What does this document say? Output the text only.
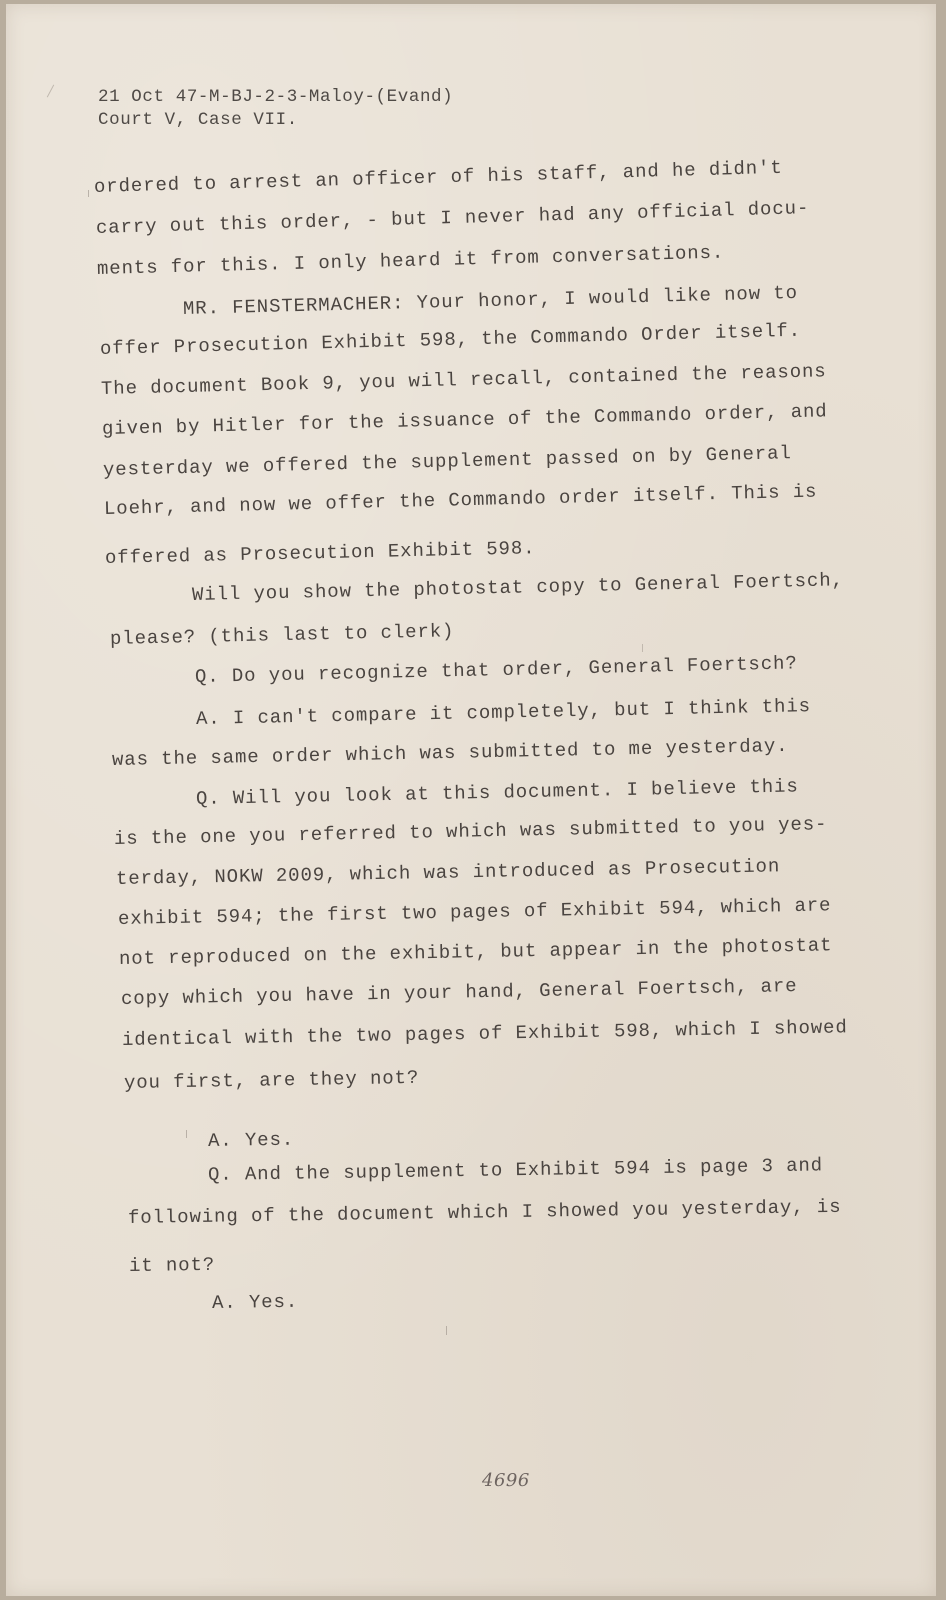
21 Oct 47-M-BJ-2-3-Maloy-(Evand)
Court V, Case VII.
ordered to arrest an officer of his staff, and he didn't
carry out this order, - but I never had any official docu-
ments for this. I only heard it from conversations.
MR. FENSTERMACHER: Your honor, I would like now to
offer Prosecution Exhibit 598, the Commando Order itself.
The document Book 9, you will recall, contained the reasons
given by Hitler for the issuance of the Commando order, and
yesterday we offered the supplement passed on by General
Loehr, and now we offer the Commando order itself. This is
offered as Prosecution Exhibit 598.
Will you show the photostat copy to General Foertsch,
please? (this last to clerk)
Q. Do you recognize that order, General Foertsch?
A. I can't compare it completely, but I think this
was the same order which was submitted to me yesterday.
Q. Will you look at this document. I believe this
is the one you referred to which was submitted to you yes-
terday, NOKW 2009, which was introduced as Prosecution
exhibit 594; the first two pages of Exhibit 594, which are
not reproduced on the exhibit, but appear in the photostat
copy which you have in your hand, General Foertsch, are
identical with the two pages of Exhibit 598, which I showed
you first, are they not?
A. Yes.
Q. And the supplement to Exhibit 594 is page 3 and
following of the document which I showed you yesterday, is
it not?
A. Yes.
4696
